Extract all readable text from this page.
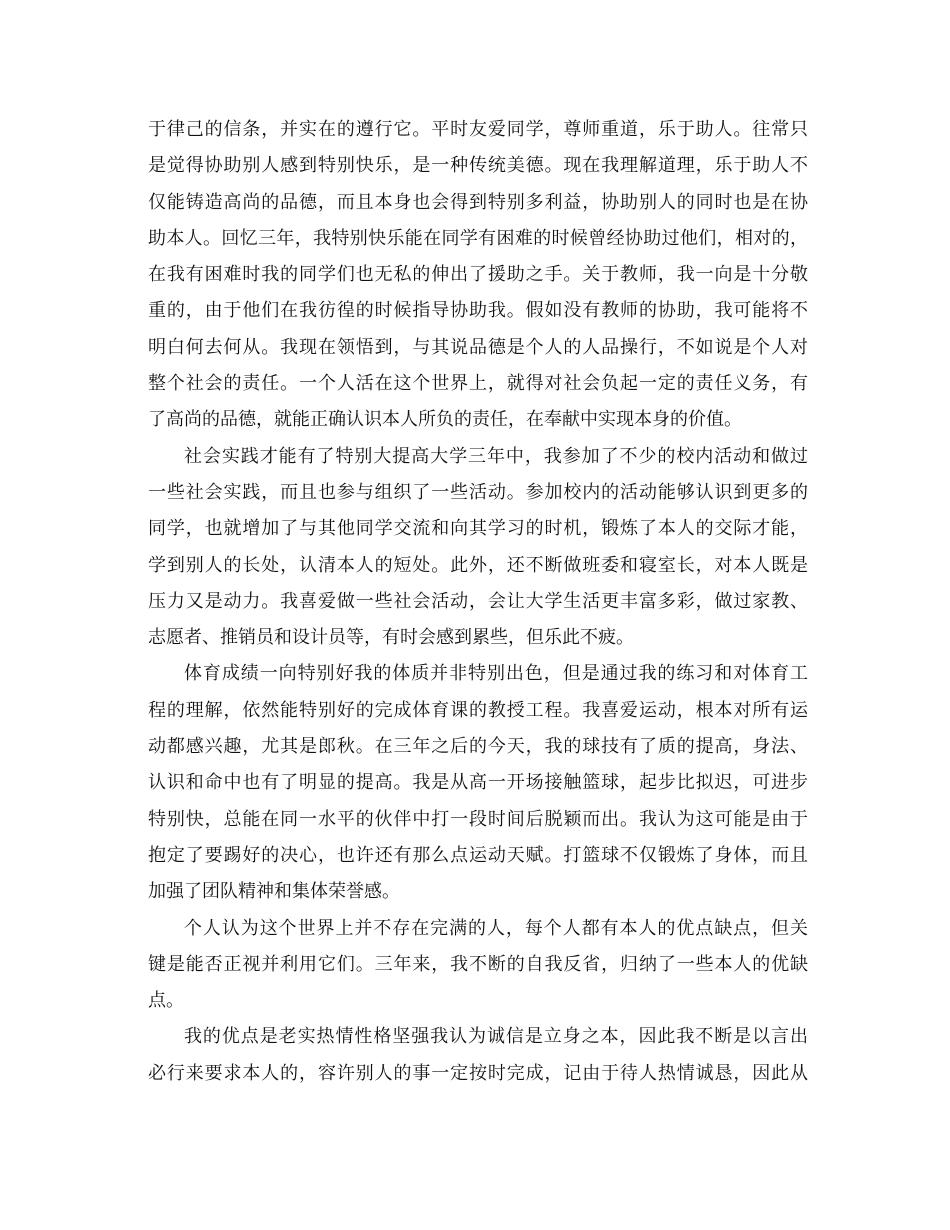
于律己的信条，并实在的遵行它。平时友爱同学，尊师重道，乐于助人。往常只
是觉得协助别人感到特别快乐，是一种传统美德。现在我理解道理，乐于助人不
仅能铸造高尚的品德，而且本身也会得到特别多利益，协助别人的同时也是在协
助本人。回忆三年，我特别快乐能在同学有困难的时候曾经协助过他们，相对的，
在我有困难时我的同学们也无私的伸出了援助之手。关于教师，我一向是十分敬
重的，由于他们在我彷徨的时候指导协助我。假如没有教师的协助，我可能将不
明白何去何从。我现在领悟到，与其说品德是个人的人品操行，不如说是个人对
整个社会的责任。一个人活在这个世界上，就得对社会负起一定的责任义务，有
了高尚的品德，就能正确认识本人所负的责任，在奉献中实现本身的价值。
社会实践才能有了特别大提高大学三年中，我参加了不少的校内活动和做过
一些社会实践，而且也参与组织了一些活动。参加校内的活动能够认识到更多的
同学，也就增加了与其他同学交流和向其学习的时机，锻炼了本人的交际才能，
学到别人的长处，认清本人的短处。此外，还不断做班委和寝室长，对本人既是
压力又是动力。我喜爱做一些社会活动，会让大学生活更丰富多彩，做过家教、
志愿者、推销员和设计员等，有时会感到累些，但乐此不疲。
体育成绩一向特别好我的体质并非特别出色，但是通过我的练习和对体育工
程的理解，依然能特别好的完成体育课的教授工程。我喜爱运动，根本对所有运
动都感兴趣，尤其是郎秋。在三年之后的今天，我的球技有了质的提高，身法、
认识和命中也有了明显的提高。我是从高一开场接触篮球，起步比拟迟，可进步
特别快，总能在同一水平的伙伴中打一段时间后脱颖而出。我认为这可能是由于
抱定了要踢好的决心，也许还有那么点运动天赋。打篮球不仅锻炼了身体，而且
加强了团队精神和集体荣誉感。
个人认为这个世界上并不存在完满的人，每个人都有本人的优点缺点，但关
键是能否正视并利用它们。三年来，我不断的自我反省，归纳了一些本人的优缺
点。
我的优点是老实热情性格坚强我认为诚信是立身之本，因此我不断是以言出
必行来要求本人的，容许别人的事一定按时完成，记由于待人热情诚恳，因此从
